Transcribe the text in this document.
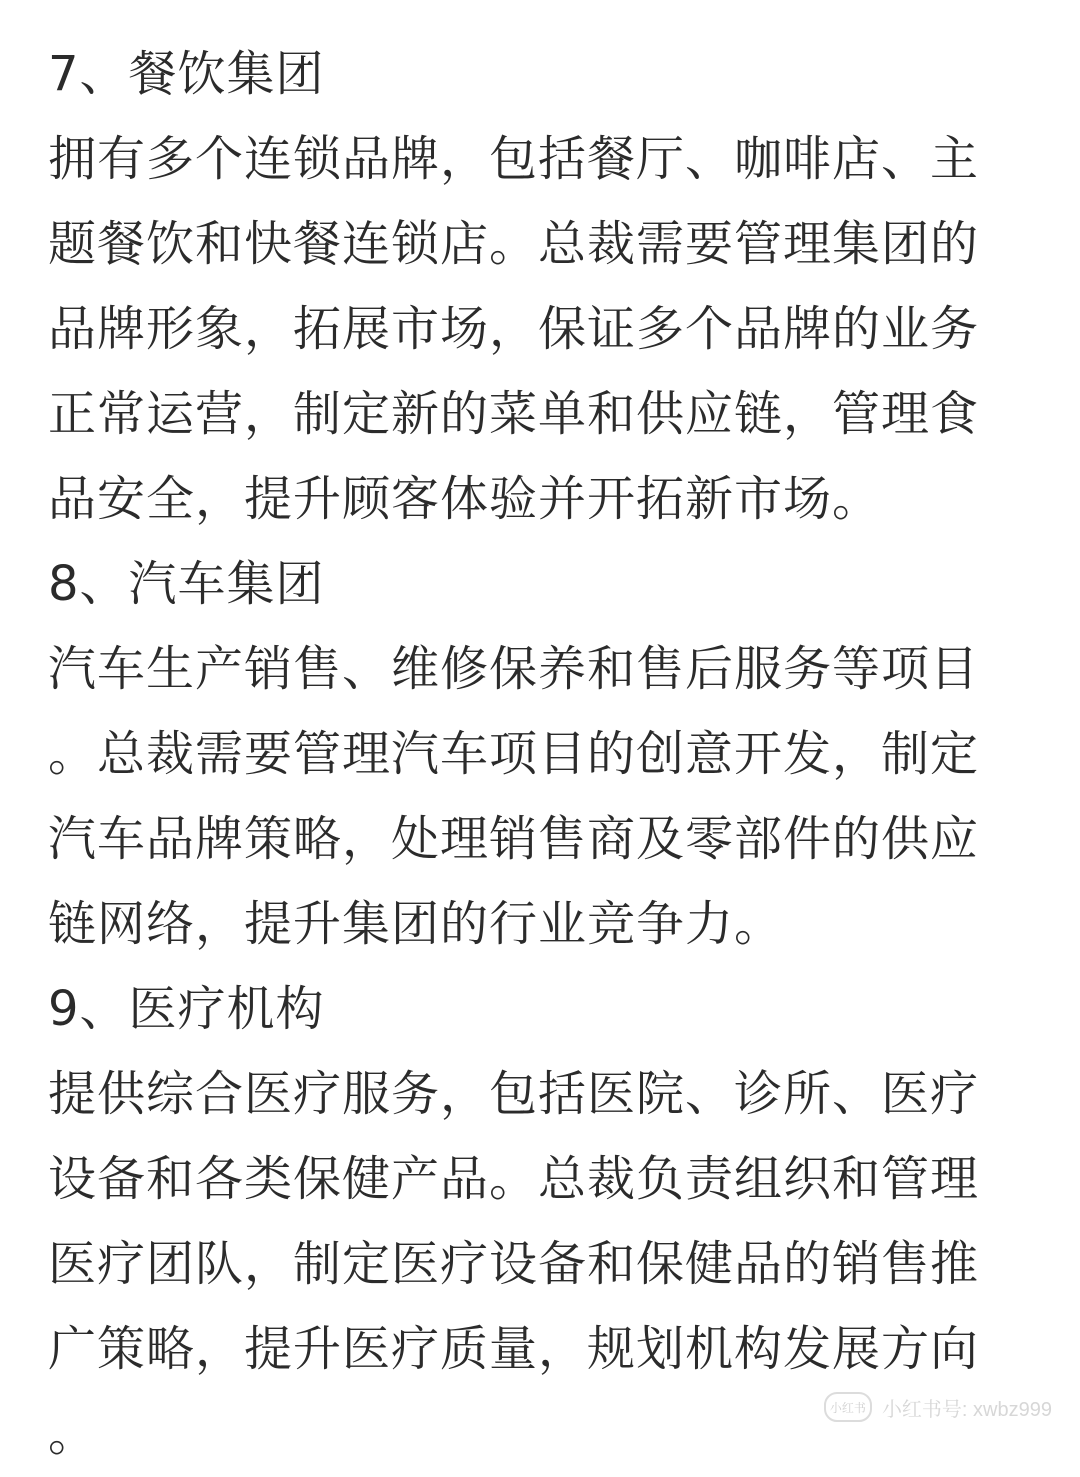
7、餐饮集团
拥有多个连锁品牌，包括餐厅、咖啡店、主
题餐饮和快餐连锁店。总裁需要管理集团的
品牌形象，拓展市场，保证多个品牌的业务
正常运营，制定新的菜单和供应链，管理食
品安全，提升顾客体验并开拓新市场。
8、汽车集团
汽车生产销售、维修保养和售后服务等项目
。总裁需要管理汽车项目的创意开发，制定
汽车品牌策略，处理销售商及零部件的供应
链网络，提升集团的行业竞争力。
9、医疗机构
提供综合医疗服务，包括医院、诊所、医疗
设备和各类保健产品。总裁负责组织和管理
医疗团队，制定医疗设备和保健品的销售推
广策略，提升医疗质量，规划机构发展方向
。	小红书 小红书号: xwbz999
